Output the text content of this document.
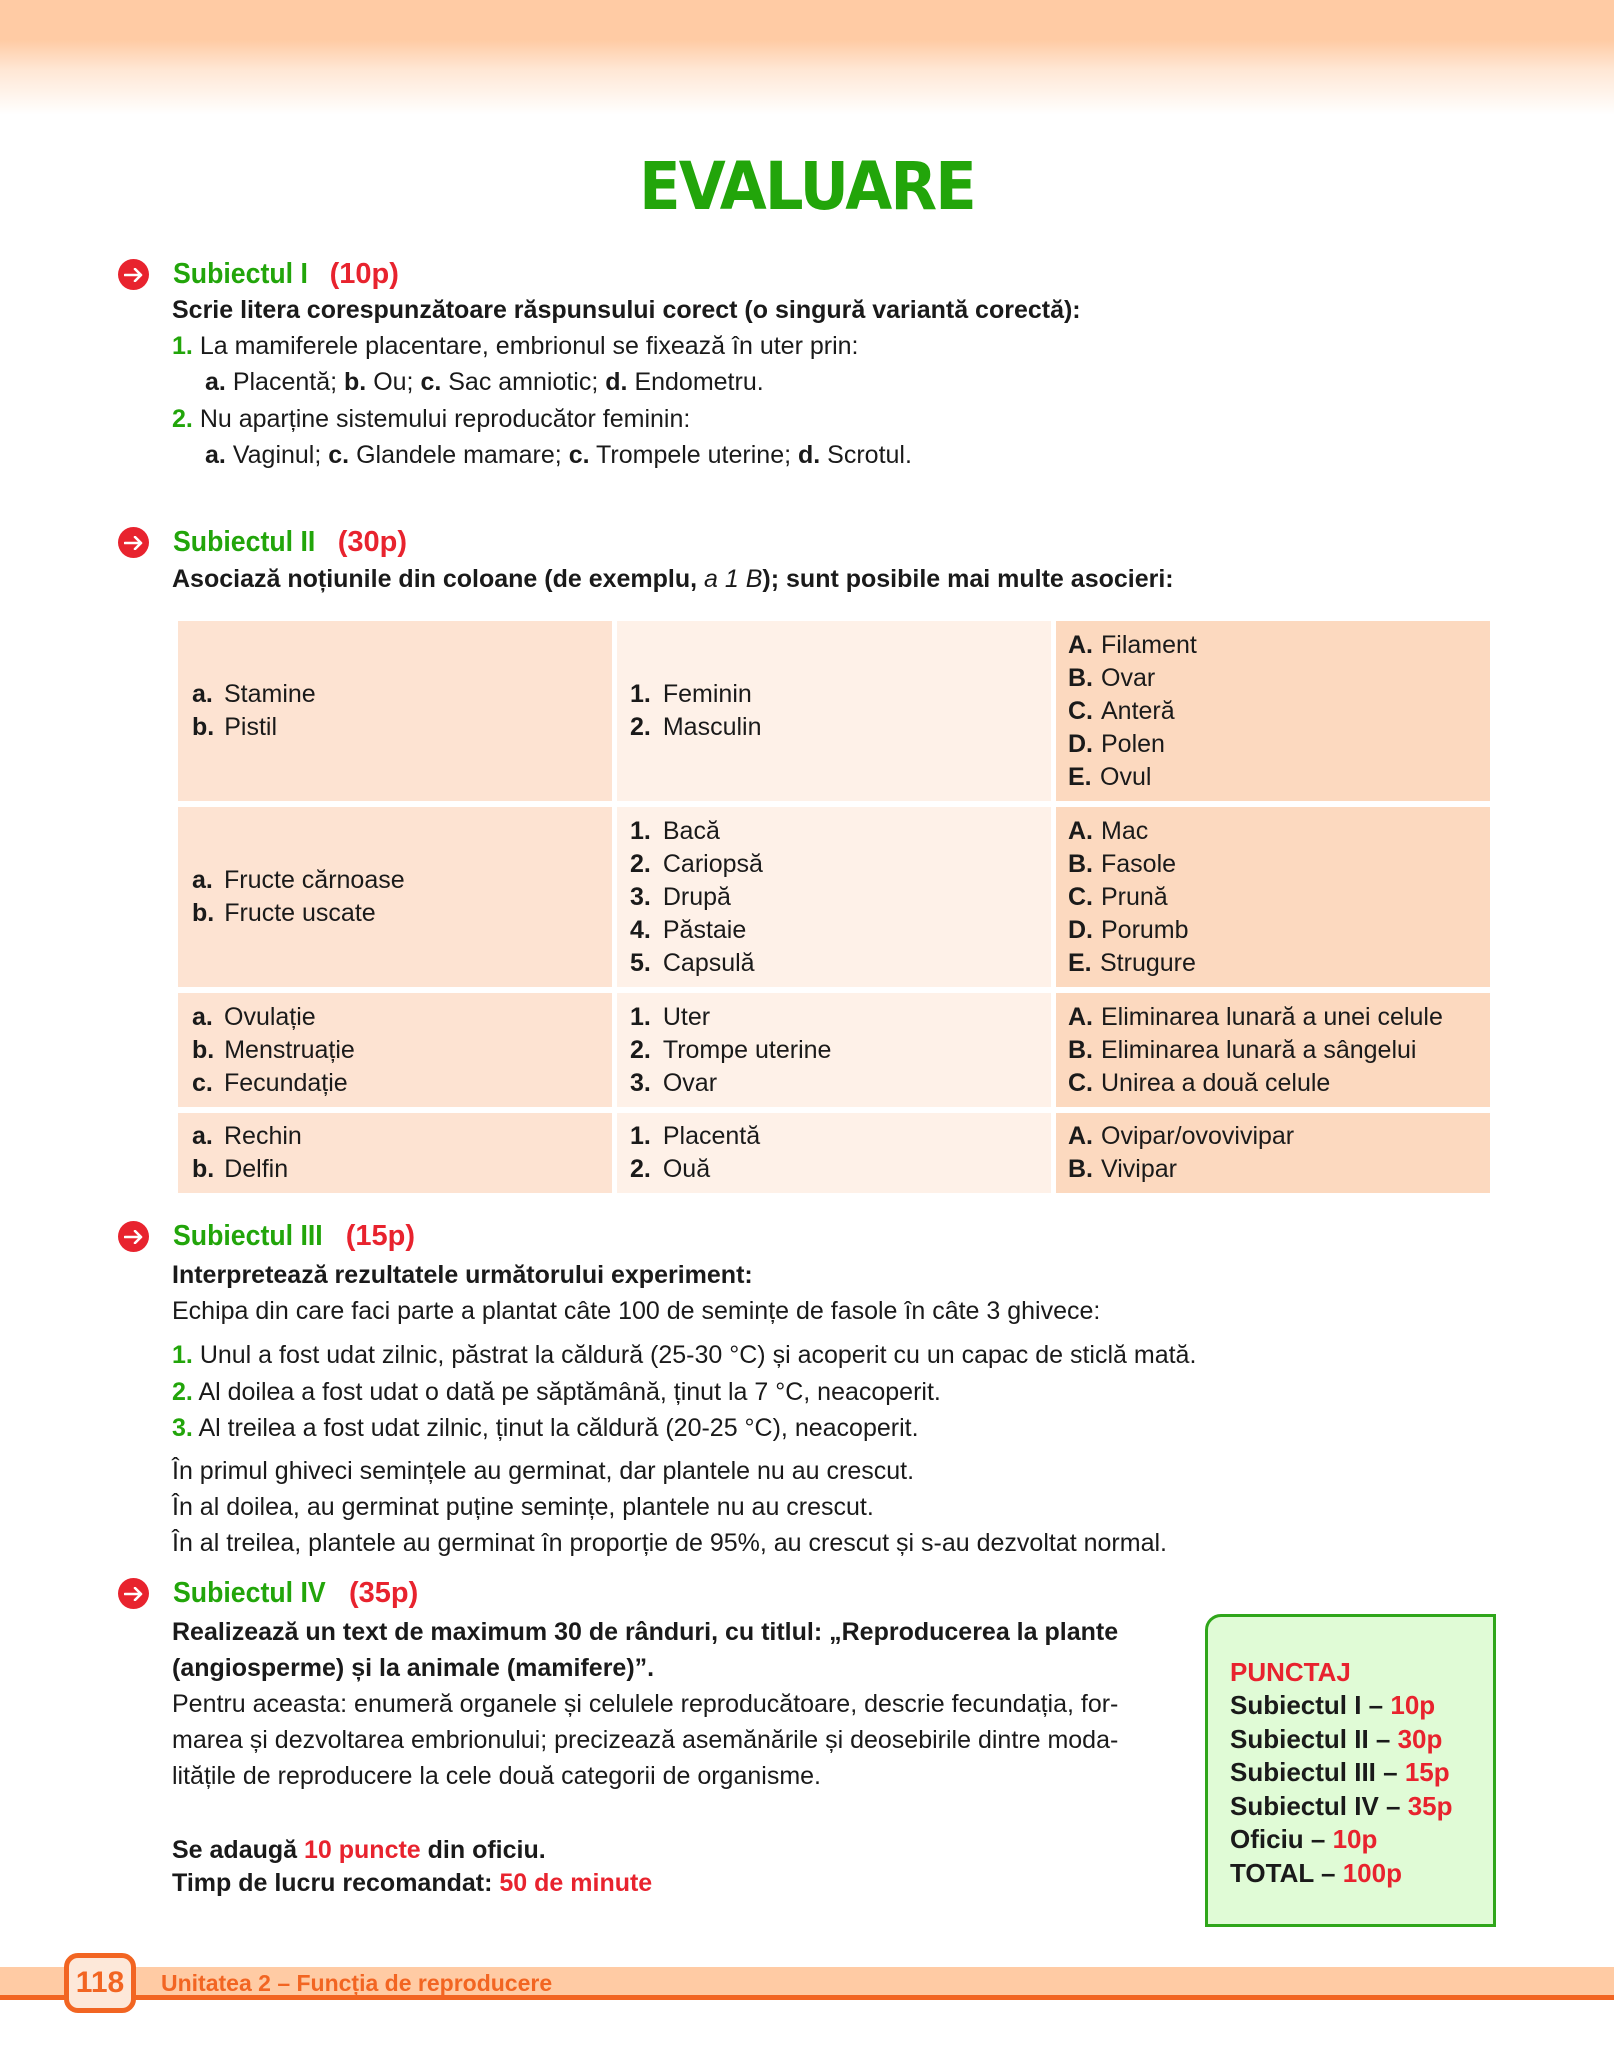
EVALUARE
Subiectul I (10p)
Scrie litera corespunzătoare răspunsului corect (o singură variantă corectă):
1. La mamiferele placentare, embrionul se fixează în uter prin:
a. Placentă; b. Ou; c. Sac amniotic; d. Endometru.
2. Nu aparține sistemului reproducător feminin:
a. Vaginul; c. Glandele mamare; c. Trompele uterine; d. Scrotul.
Subiectul II (30p)
Asociază noțiunile din coloane (de exemplu, a 1 B); sunt posibile mai multe asocieri:
a. Stamine
b. Pistil
1. Feminin
2. Masculin
A. Filament
B. Ovar
C. Anteră
D. Polen
E. Ovul
a. Fructe cărnoase
b. Fructe uscate
1. Bacă
2. Cariopsă
3. Drupă
4. Păstaie
5. Capsulă
A. Mac
B. Fasole
C. Prună
D. Porumb
E. Strugure
a. Ovulație
b. Menstruație
c. Fecundație
1. Uter
2. Trompe uterine
3. Ovar
A. Eliminarea lunară a unei celule
B. Eliminarea lunară a sângelui
C. Unirea a două celule
a. Rechin
b. Delfin
1. Placentă
2. Ouă
A. Ovipar/ovovivipar
B. Vivipar
Subiectul III (15p)
Interpretează rezultatele următorului experiment:
Echipa din care faci parte a plantat câte 100 de semințe de fasole în câte 3 ghivece:
1. Unul a fost udat zilnic, păstrat la căldură (25-30 °C) și acoperit cu un capac de sticlă mată.
2. Al doilea a fost udat o dată pe săptămână, ținut la 7 °C, neacoperit.
3. Al treilea a fost udat zilnic, ținut la căldură (20-25 °C), neacoperit.
În primul ghiveci semințele au germinat, dar plantele nu au crescut.
În al doilea, au germinat puține semințe, plantele nu au crescut.
În al treilea, plantele au germinat în proporție de 95%, au crescut și s-au dezvoltat normal.
Subiectul IV (35p)
Realizează un text de maximum 30 de rânduri, cu titlul: „Reproducerea la plante
(angiosperme) și la animale (mamifere)”.
Pentru aceasta: enumeră organele și celulele reproducătoare, descrie fecundația, for-
marea și dezvoltarea embrionului; precizează asemănările și deosebirile dintre moda-
litățile de reproducere la cele două categorii de organisme.
Se adaugă 10 puncte din oficiu.
Timp de lucru recomandat: 50 de minute
PUNCTAJ
Subiectul I – 10p
Subiectul II – 30p
Subiectul III – 15p
Subiectul IV – 35p
Oficiu – 10p
TOTAL – 100p
118	Unitatea 2 – Funcția de reproducere
